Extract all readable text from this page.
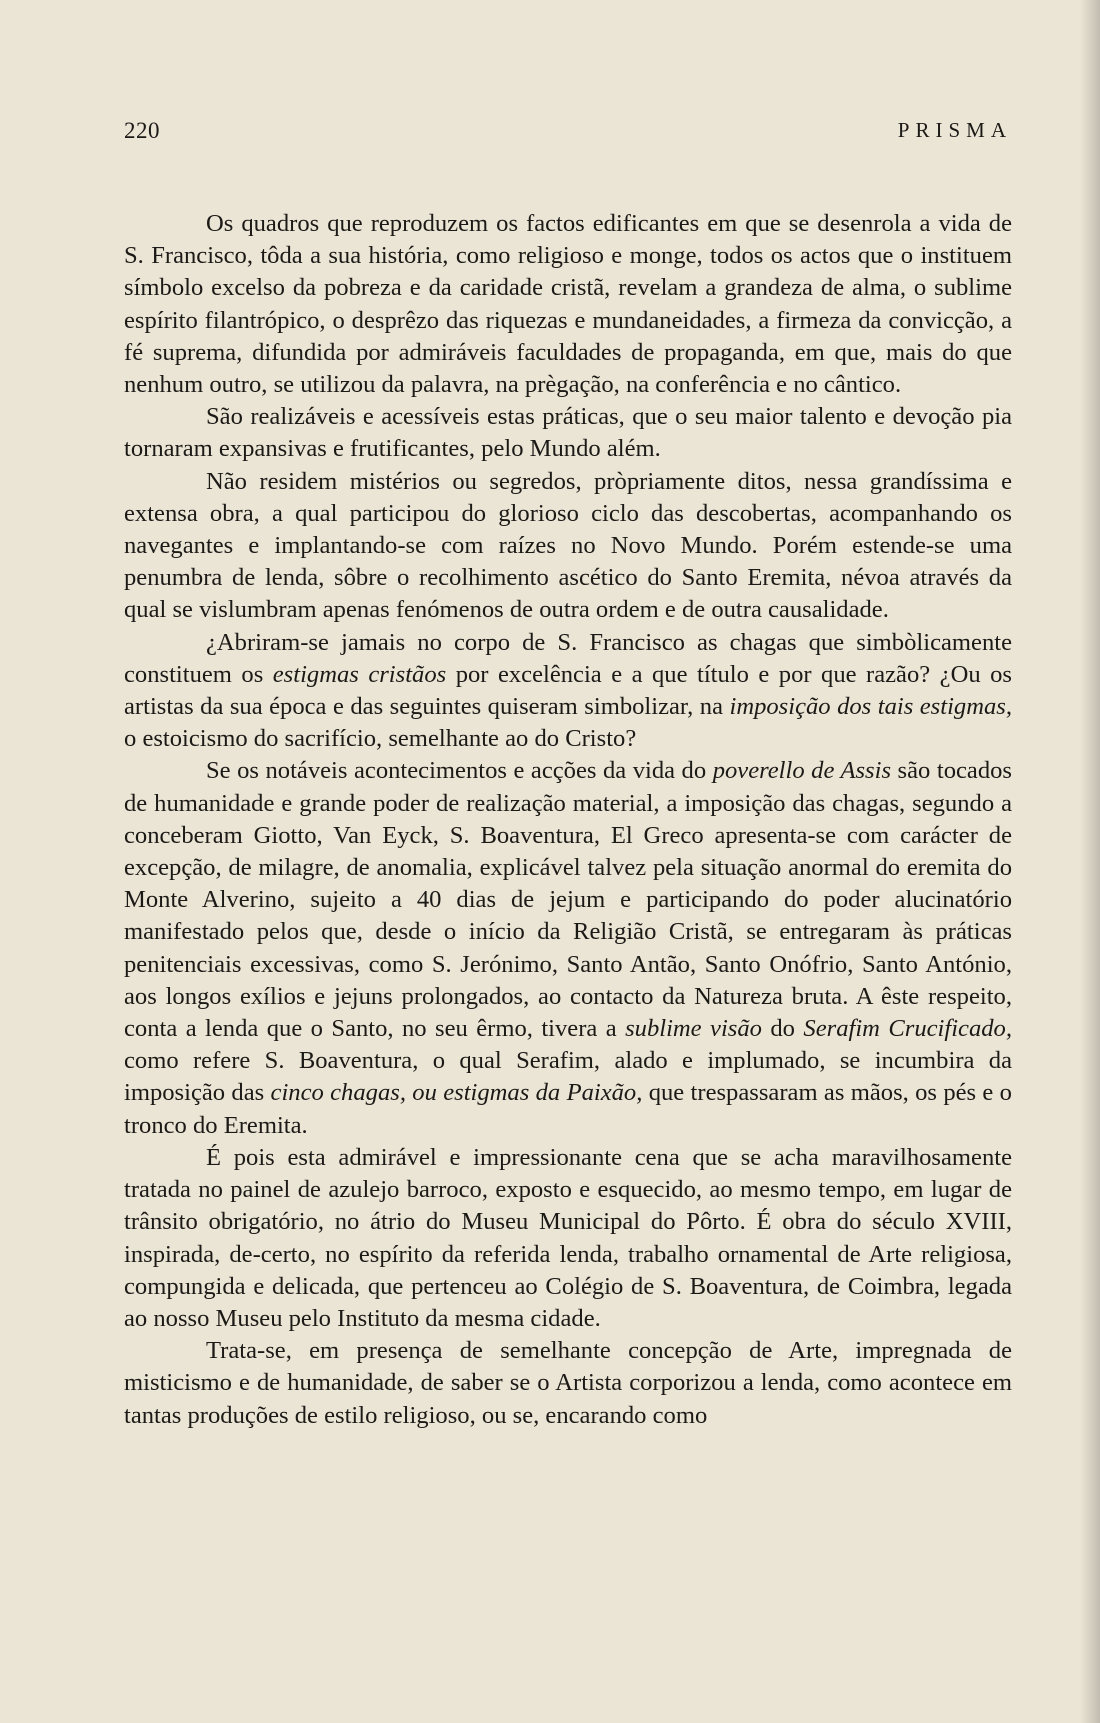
220	PRISMA

Os quadros que reproduzem os factos edificantes em que se desenrola a vida de S. Francisco, tôda a sua história, como religioso e monge, todos os actos que o instituem símbolo excelso da pobreza e da caridade cristã, revelam a grandeza de alma, o sublime espírito filantrópico, o desprêzo das riquezas e mundaneidades, a firmeza da convicção, a fé suprema, difundida por admiráveis faculdades de propaganda, em que, mais do que nenhum outro, se utilizou da palavra, na prègação, na conferência e no cântico.

São realizáveis e acessíveis estas práticas, que o seu maior talento e devoção pia tornaram expansivas e frutificantes, pelo Mundo além.

Não residem mistérios ou segredos, pròpriamente ditos, nessa grandíssima e extensa obra, a qual participou do glorioso ciclo das descobertas, acompanhando os navegantes e implantando-se com raízes no Novo Mundo. Porém estende-se uma penumbra de lenda, sôbre o recolhimento ascético do Santo Eremita, névoa através da qual se vislumbram apenas fenómenos de outra ordem e de outra causalidade.

¿Abriram-se jamais no corpo de S. Francisco as chagas que simbòlicamente constituem os estigmas cristãos por excelência e a que título e por que razão? ¿Ou os artistas da sua época e das seguintes quiseram simbolizar, na imposição dos tais estigmas, o estoicismo do sacrifício, semelhante ao do Cristo?

Se os notáveis acontecimentos e acções da vida do poverello de Assis são tocados de humanidade e grande poder de realização material, a imposição das chagas, segundo a conceberam Giotto, Van Eyck, S. Boaventura, El Greco apresenta-se com carácter de excepção, de milagre, de anomalia, explicável talvez pela situação anormal do eremita do Monte Alverino, sujeito a 40 dias de jejum e participando do poder alucinatório manifestado pelos que, desde o início da Religião Cristã, se entregaram às práticas penitenciais excessivas, como S. Jerónimo, Santo Antão, Santo Onófrio, Santo António, aos longos exílios e jejuns prolongados, ao contacto da Natureza bruta. A êste respeito, conta a lenda que o Santo, no seu êrmo, tivera a sublime visão do Serafim Crucificado, como refere S. Boaventura, o qual Serafim, alado e implumado, se incumbira da imposição das cinco chagas, ou estigmas da Paixão, que trespassaram as mãos, os pés e o tronco do Eremita.

É pois esta admirável e impressionante cena que se acha maravilhosamente tratada no painel de azulejo barroco, exposto e esquecido, ao mesmo tempo, em lugar de trânsito obrigatório, no átrio do Museu Municipal do Pôrto. É obra do século XVIII, inspirada, de-certo, no espírito da referida lenda, trabalho ornamental de Arte religiosa, compungida e delicada, que pertenceu ao Colégio de S. Boaventura, de Coimbra, legada ao nosso Museu pelo Instituto da mesma cidade.

Trata-se, em presença de semelhante concepção de Arte, impregnada de misticismo e de humanidade, de saber se o Artista corporizou a lenda, como acontece em tantas produções de estilo religioso, ou se, encarando como
